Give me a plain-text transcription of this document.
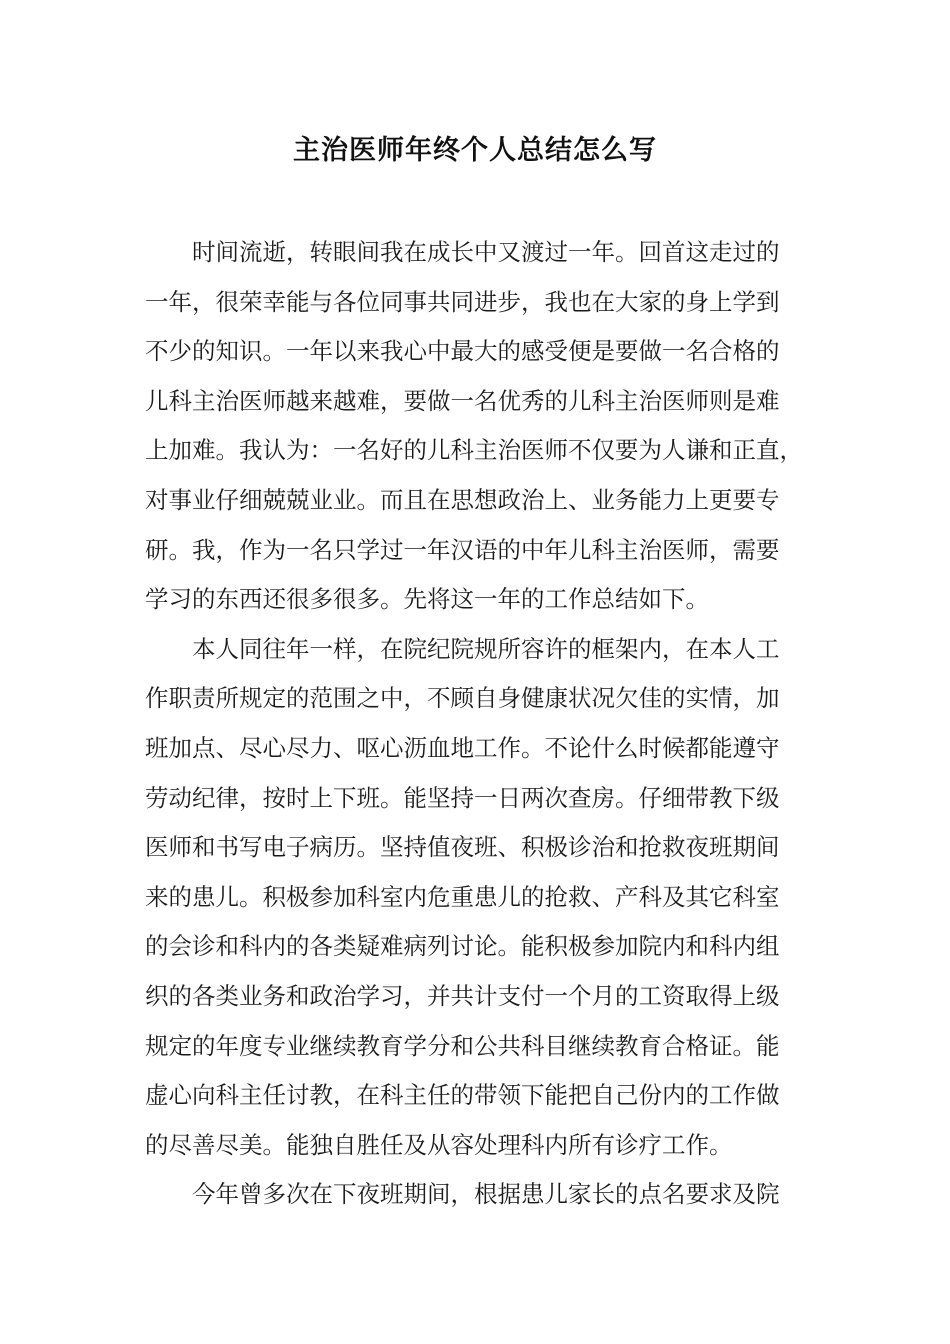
主治医师年终个人总结怎么写
时间流逝，转眼间我在成长中又渡过一年。回首这走过的
一年，很荣幸能与各位同事共同进步，我也在大家的身上学到
不少的知识。一年以来我心中最大的感受便是要做一名合格的
儿科主治医师越来越难，要做一名优秀的儿科主治医师则是难
上加难。我认为：一名好的儿科主治医师不仅要为人谦和正直，
对事业仔细兢兢业业。而且在思想政治上、业务能力上更要专
研。我，作为一名只学过一年汉语的中年儿科主治医师，需要
学习的东西还很多很多。先将这一年的工作总结如下。
本人同往年一样，在院纪院规所容许的框架内，在本人工
作职责所规定的范围之中，不顾自身健康状况欠佳的实情，加
班加点、尽心尽力、呕心沥血地工作。不论什么时候都能遵守
劳动纪律，按时上下班。能坚持一日两次查房。仔细带教下级
医师和书写电子病历。坚持值夜班、积极诊治和抢救夜班期间
来的患儿。积极参加科室内危重患儿的抢救、产科及其它科室
的会诊和科内的各类疑难病列讨论。能积极参加院内和科内组
织的各类业务和政治学习，并共计支付一个月的工资取得上级
规定的年度专业继续教育学分和公共科目继续教育合格证。能
虚心向科主任讨教，在科主任的带领下能把自己份内的工作做
的尽善尽美。能独自胜任及从容处理科内所有诊疗工作。
今年曾多次在下夜班期间，根据患儿家长的点名要求及院
